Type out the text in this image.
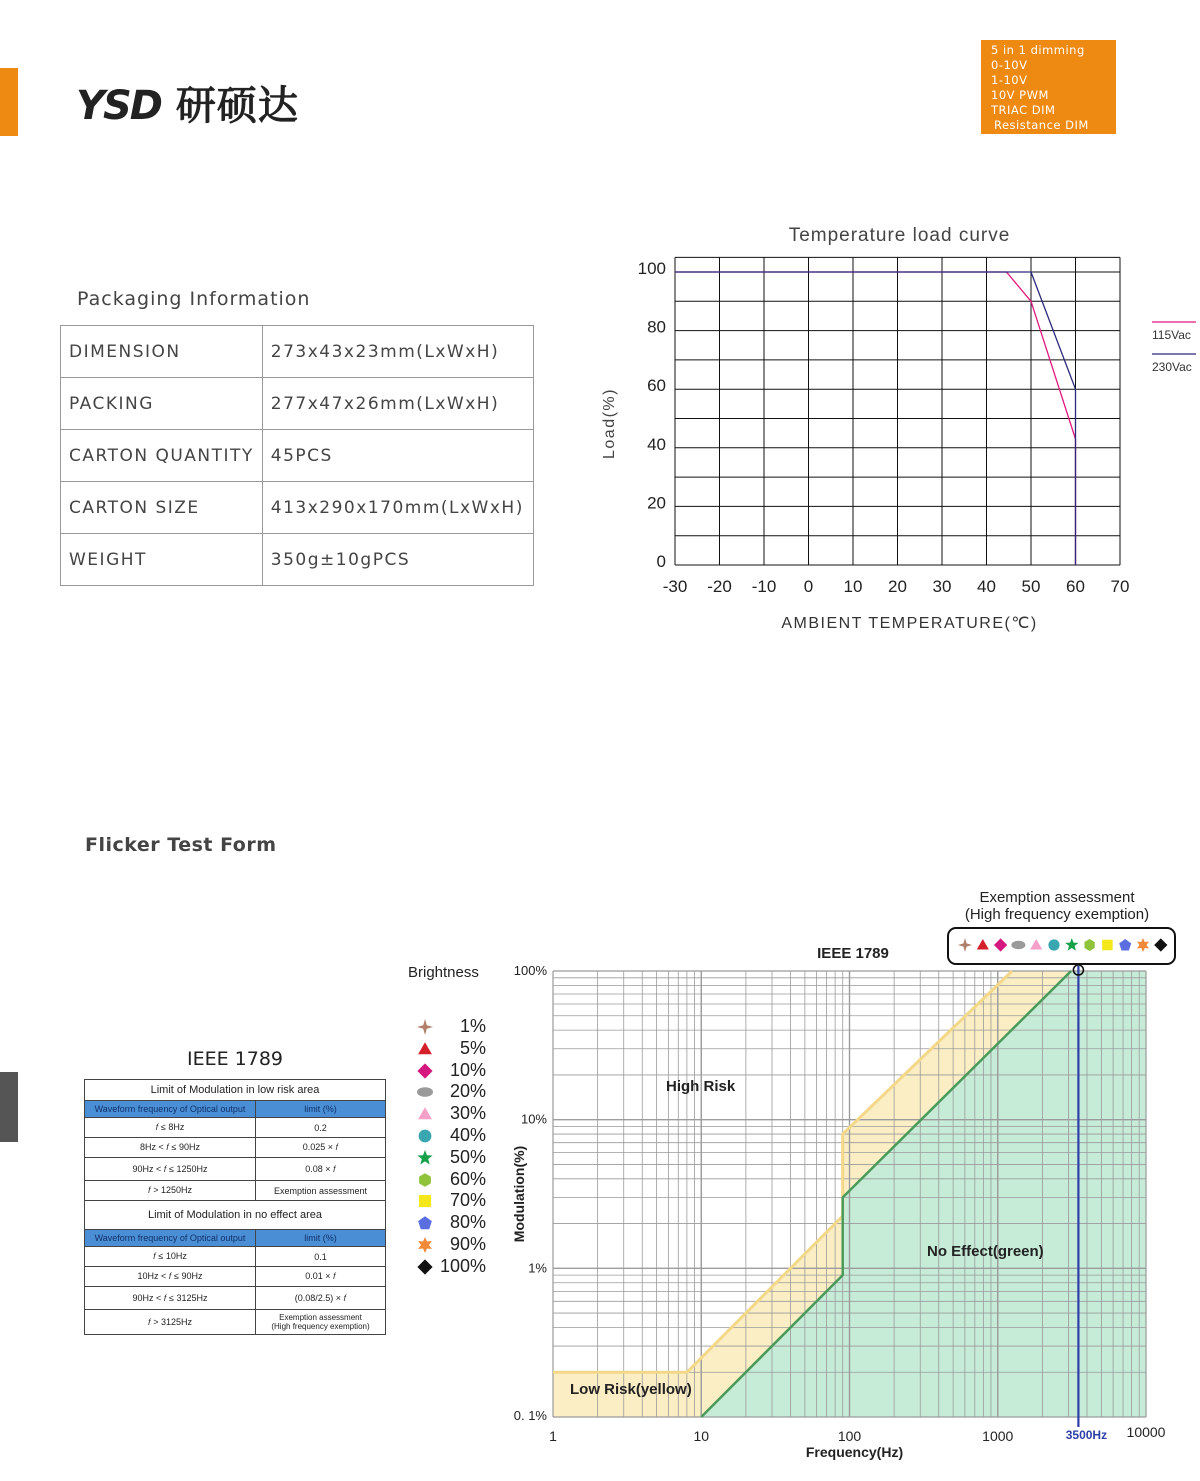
YSD 研硕达
5 in 1 dimming
0-10V
1-10V
10V PWM
TRIAC DIM
Resistance DIM
Packaging Information
DIMENSION	273x43x23mm(LxWxH)
PACKING	277x47x26mm(LxWxH)
CARTON QUANTITY	45PCS
CARTON SIZE	413x290x170mm(LxWxH)
WEIGHT	350g±10gPCS
Temperature load curve
-30 -20 -10 0 10 20 30 40 50 60 70
0
20
40
60
80
100
AMBIENT TEMPERATURE(℃)
Load(%)
115Vac
230Vac
Flicker Test Form
IEEE 1789
Limit of Modulation in low risk area	
Waveform frequency of Optical output	limit (%)
𝑓 ≤ 8Hz	0.2
8Hz < 𝑓 ≤ 90Hz	0.025 × 𝑓
90Hz < 𝑓 ≤ 1250Hz	0.08 × 𝑓
𝑓 > 1250Hz	Exemption assessment
Limit of Modulation in no effect area	
Waveform frequency of Optical output	limit (%)
𝑓 ≤ 10Hz	0.1
10Hz < 𝑓 ≤ 90Hz	0.01 × 𝑓
90Hz < 𝑓 ≤ 3125Hz	(0.08/2.5) × 𝑓
𝑓 > 3125Hz	Exemption assessment
(High frequency exemption)
Brightness
1%
5%
10%
20%
30%
40%
50%
60%
70%
80%
90%
100%
3500Hz
1	10	100	1000	10000
0. 1%
1%
10%
100%
Frequency(Hz)
Modulation(%)
High Risk
Low Risk(yellow)
No Effect(green)
IEEE 1789
Exemption assessment
(High frequency exemption)
